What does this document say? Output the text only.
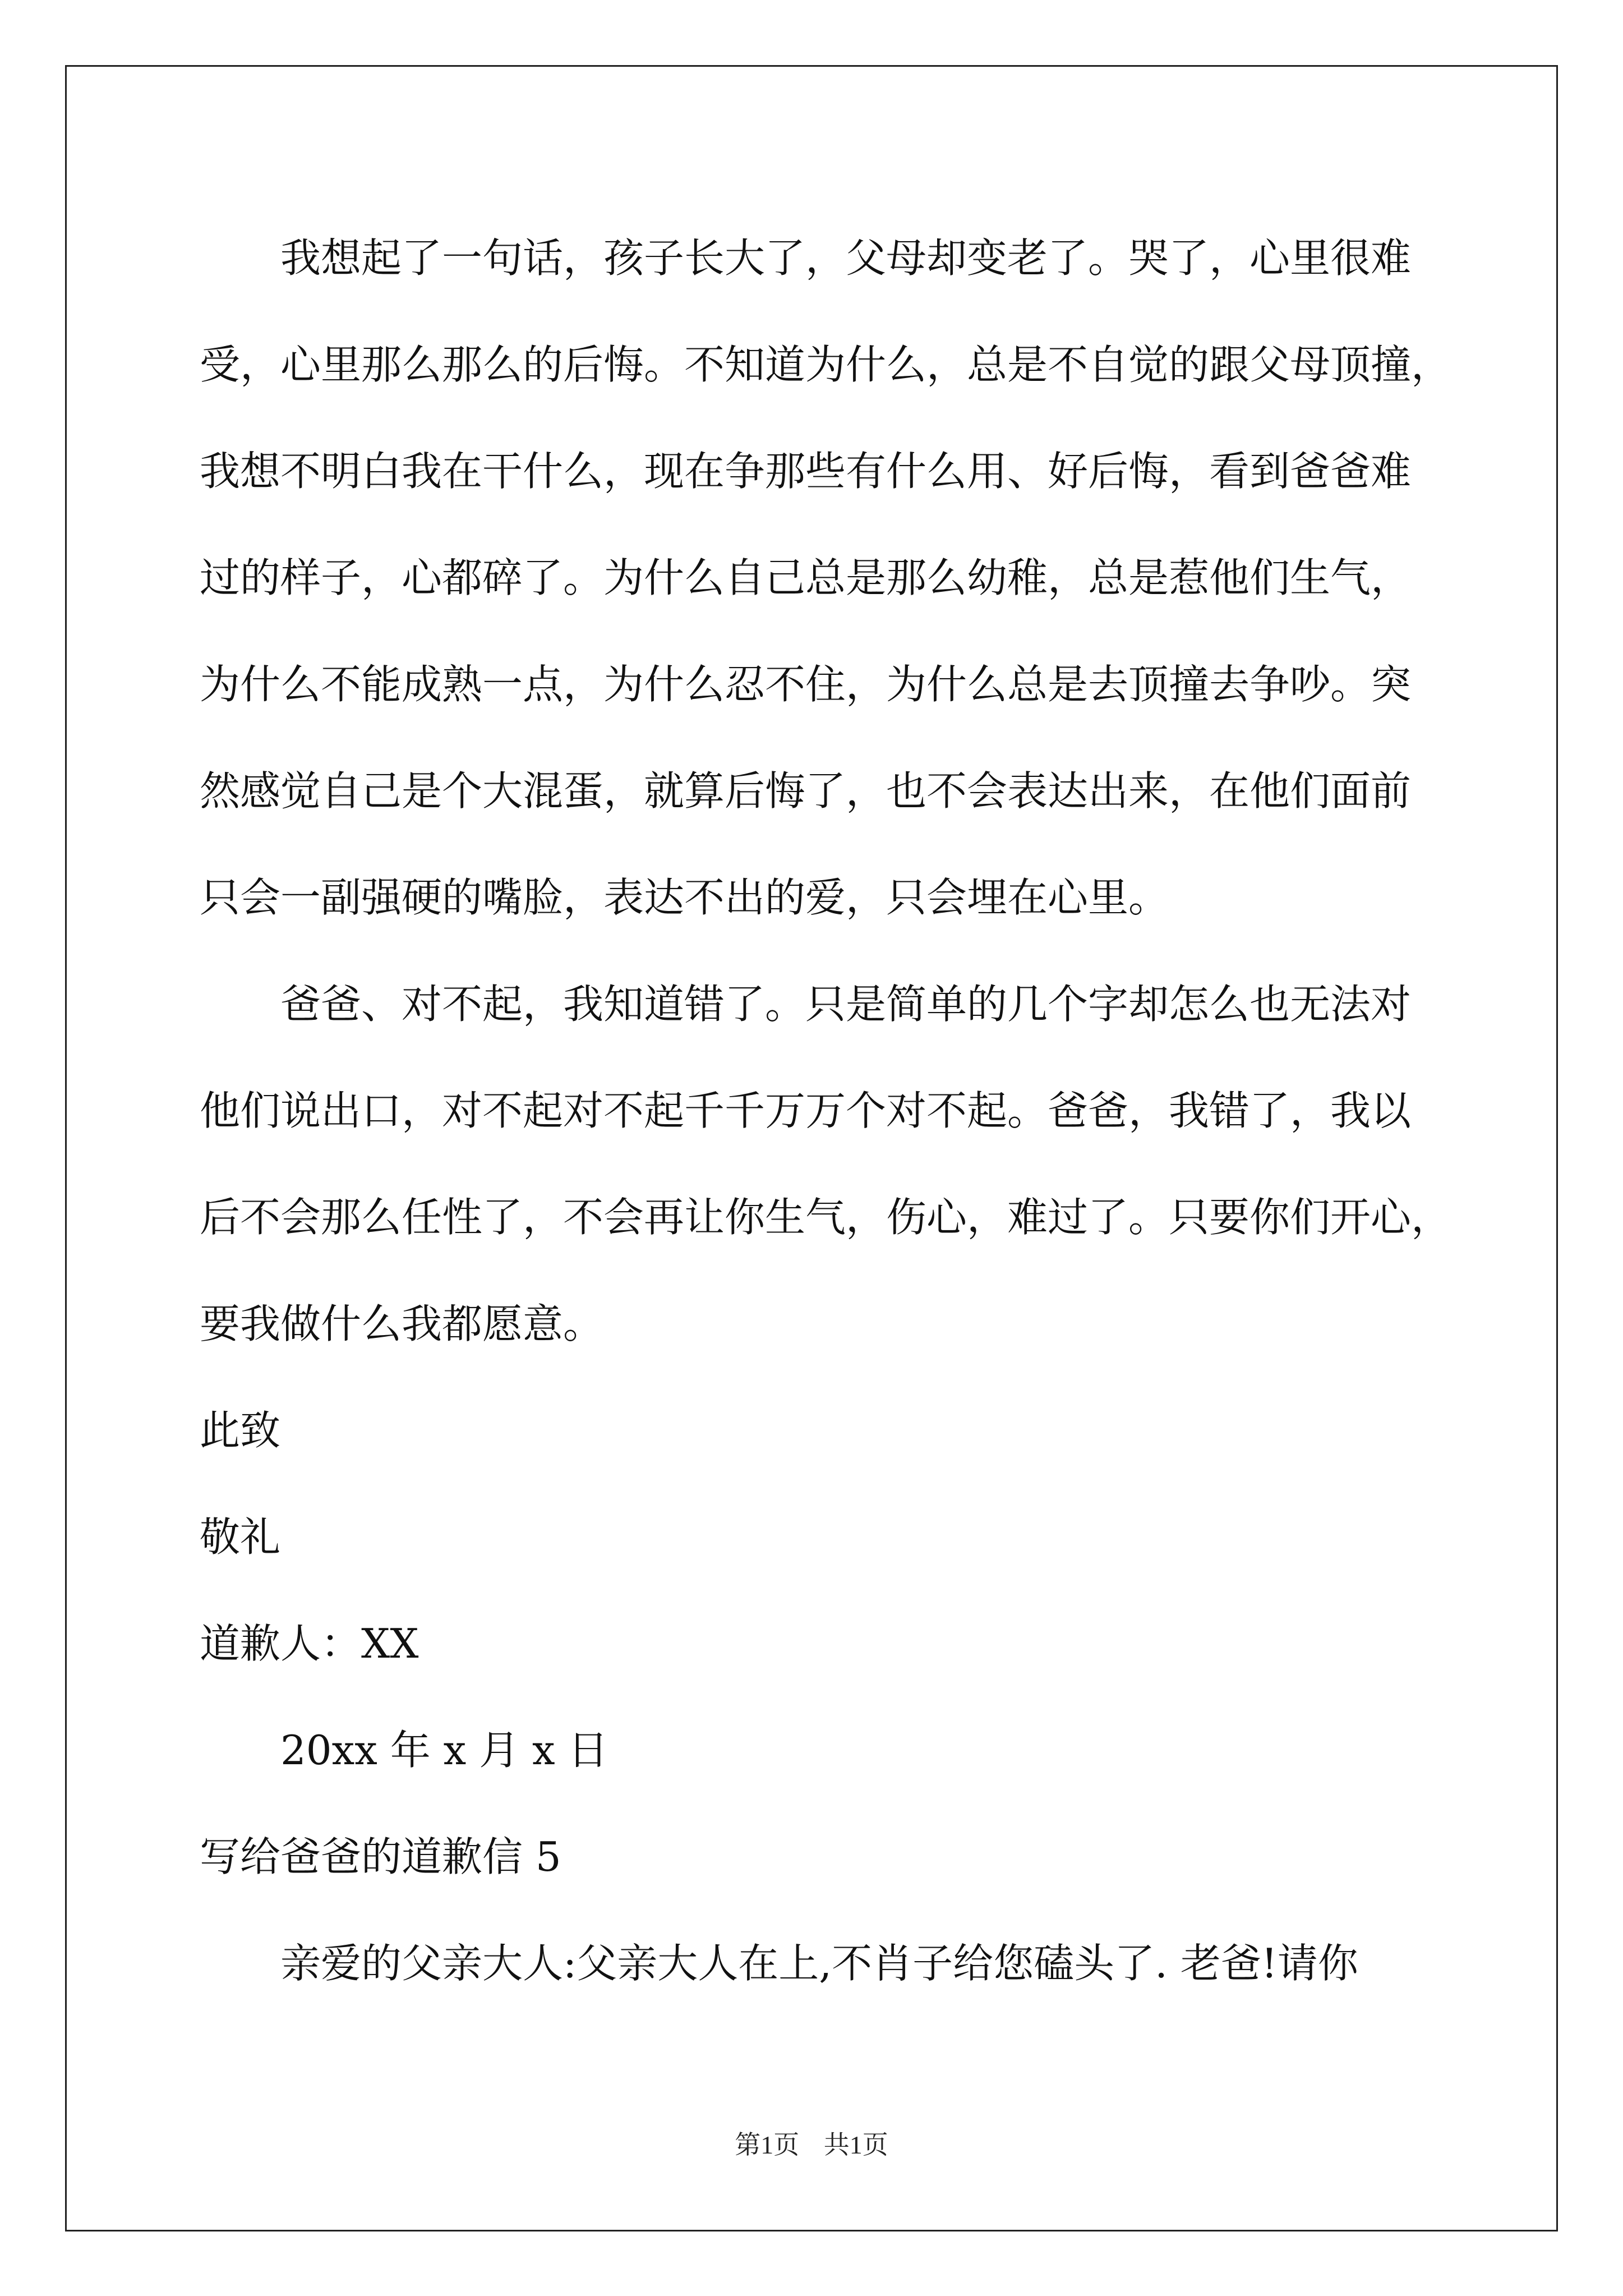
我想起了一句话，孩子长大了，父母却变老了。哭了，心里很难
受，心里那么那么的后悔。不知道为什么，总是不自觉的跟父母顶撞，
我想不明白我在干什么，现在争那些有什么用、好后悔，看到爸爸难
过的样子，心都碎了。为什么自己总是那么幼稚，总是惹他们生气，
为什么不能成熟一点，为什么忍不住，为什么总是去顶撞去争吵。突
然感觉自己是个大混蛋，就算后悔了，也不会表达出来，在他们面前
只会一副强硬的嘴脸，表达不出的爱，只会埋在心里。
爸爸、对不起，我知道错了。只是简单的几个字却怎么也无法对
他们说出口，对不起对不起千千万万个对不起。爸爸，我错了，我以
后不会那么任性了，不会再让你生气，伤心，难过了。只要你们开心，
要我做什么我都愿意。
此致
敬礼
道歉人：XX
20xx 年 x 月 x 日
写给爸爸的道歉信 5
亲爱的父亲大人:父亲大人在上,不肖子给您磕头了. 老爸!请你
第1页 共1页
